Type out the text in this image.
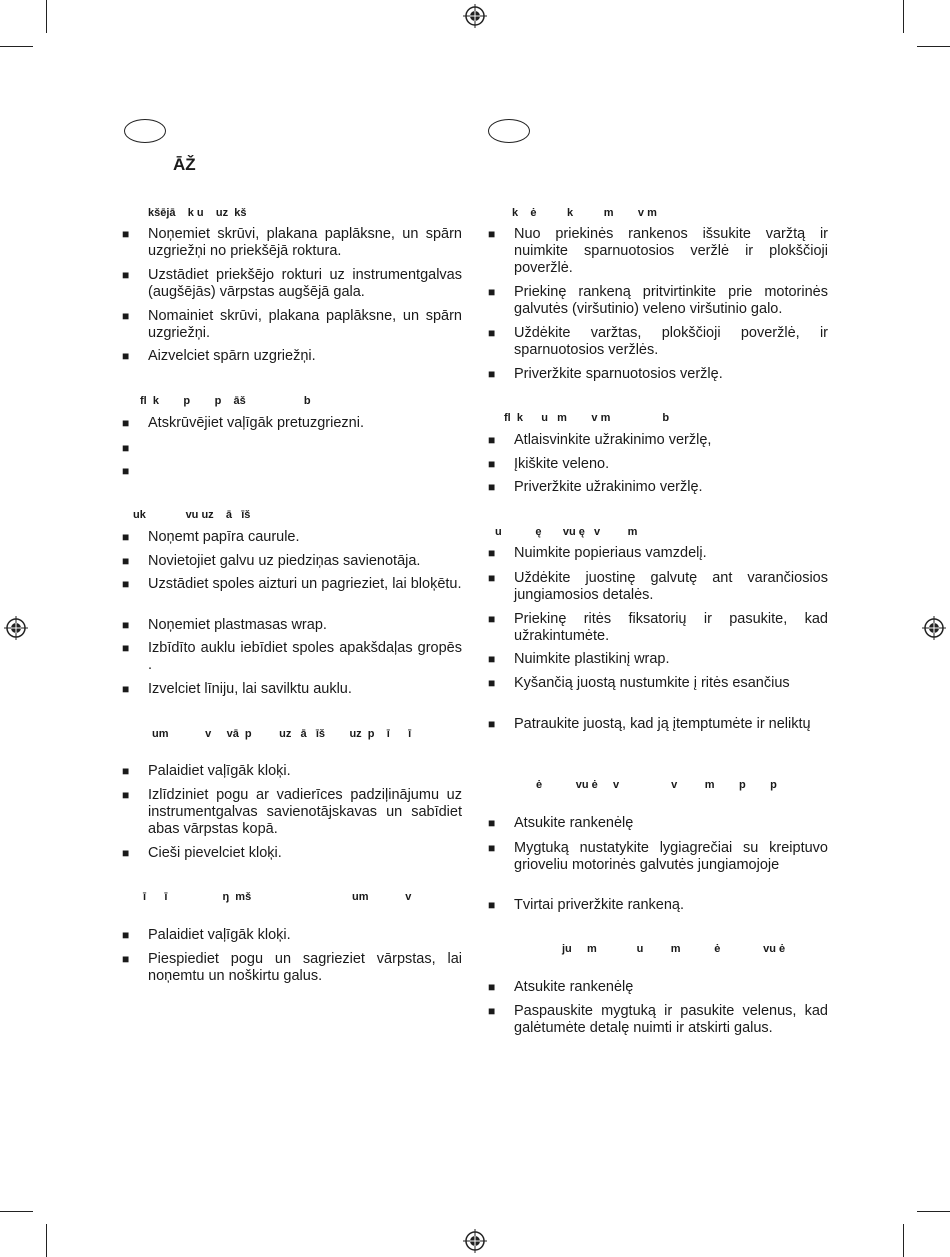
ĀŽ
kšējā    k u    uz  kš
■ Noņemiet skrūvi, plakana paplāksne, un spārn uzgriežņi no priekšējā roktura.
■ Uzstādiet priekšējo rokturi uz instrumentgalvas (augšējās) vārpstas augšējā gala.
■ Nomainiet skrūvi, plakana paplāksne, un spārn uzgriežņi.
■ Aizvelciet spārn uzgriežņi.
fl  k        p        p    āš                   b
■ Atskrūvējiet vaļīgāk pretuzgriezni.
■
■
uk             vu uz    ā   īš
■ Noņemt papīra caurule.
■ Novietojiet galvu uz piedziņas savienotāja.
■ Uzstādiet spoles aizturi un pagrieziet, lai bloķētu.
■ Noņemiet plastmasas wrap.
■ Izbīdīto auklu iebīdiet spoles apakšdaļas gropēs .
■ Izvelciet līniju, lai savilktu auklu.
um            v     vā  p         uz   ā   īš        uz  p    ī      ī
■ Palaidiet vaļīgāk kloķi.
■ Izlīdziniet pogu ar vadierīces padziļinājumu uz instrumentgalvas savienotājskavas un sabīdiet abas vārpstas kopā.
■ Cieši pievelciet kloķi.
ī      ī                  ŋ  mš                                 um            v
■ Palaidiet vaļīgāk kloķi.
■ Piespiediet pogu un sagrieziet vārpstas, lai noņemtu un noškirtu galus.
k    ė          k          m        v m
■ Nuo priekinės rankenos išsukite varžtą ir nuimkite sparnuotosios veržlė ir plokščioji poveržlė.
■ Priekinę rankeną pritvirtinkite prie motorinės galvutės (viršutinio) veleno viršutinio galo.
■ Uždėkite varžtas, plokščioji poveržlė, ir sparnuotosios veržlės.
■ Priveržkite sparnuotosios veržlę.
fl  k      u   m        v m                 b
■ Atlaisvinkite užrakinimo veržlę,
■ Įkiškite veleno.
■ Priveržkite užrakinimo veržlę.
u           ę       vu ę   v         m
■ Nuimkite popieriaus vamzdelį.
■ Uždėkite juostinę galvutę ant varančiosios jungiamosios detalės.
■ Priekinę ritės fiksatorių ir pasukite, kad užrakintumėte.
■ Nuimkite plastikinį wrap.
■ Kyšančią juostą nustumkite į ritės esančius
■ Patraukite juostą, kad ją įtemptumėte ir neliktų
ė           vu ė     v                 v         m        p        p
■ Atsukite rankenėlę
■ Mygtuką nustatykite lygiagrečiai su kreiptuvo grioveliu motorinės galvutės jungiamojoje
■ Tvirtai priveržkite rankeną.
ju     m             u         m           ė              vu ė
■ Atsukite rankenėlę
■ Paspauskite mygtuką ir pasukite velenus, kad galėtumėte detalę nuimti ir atskirti galus.
